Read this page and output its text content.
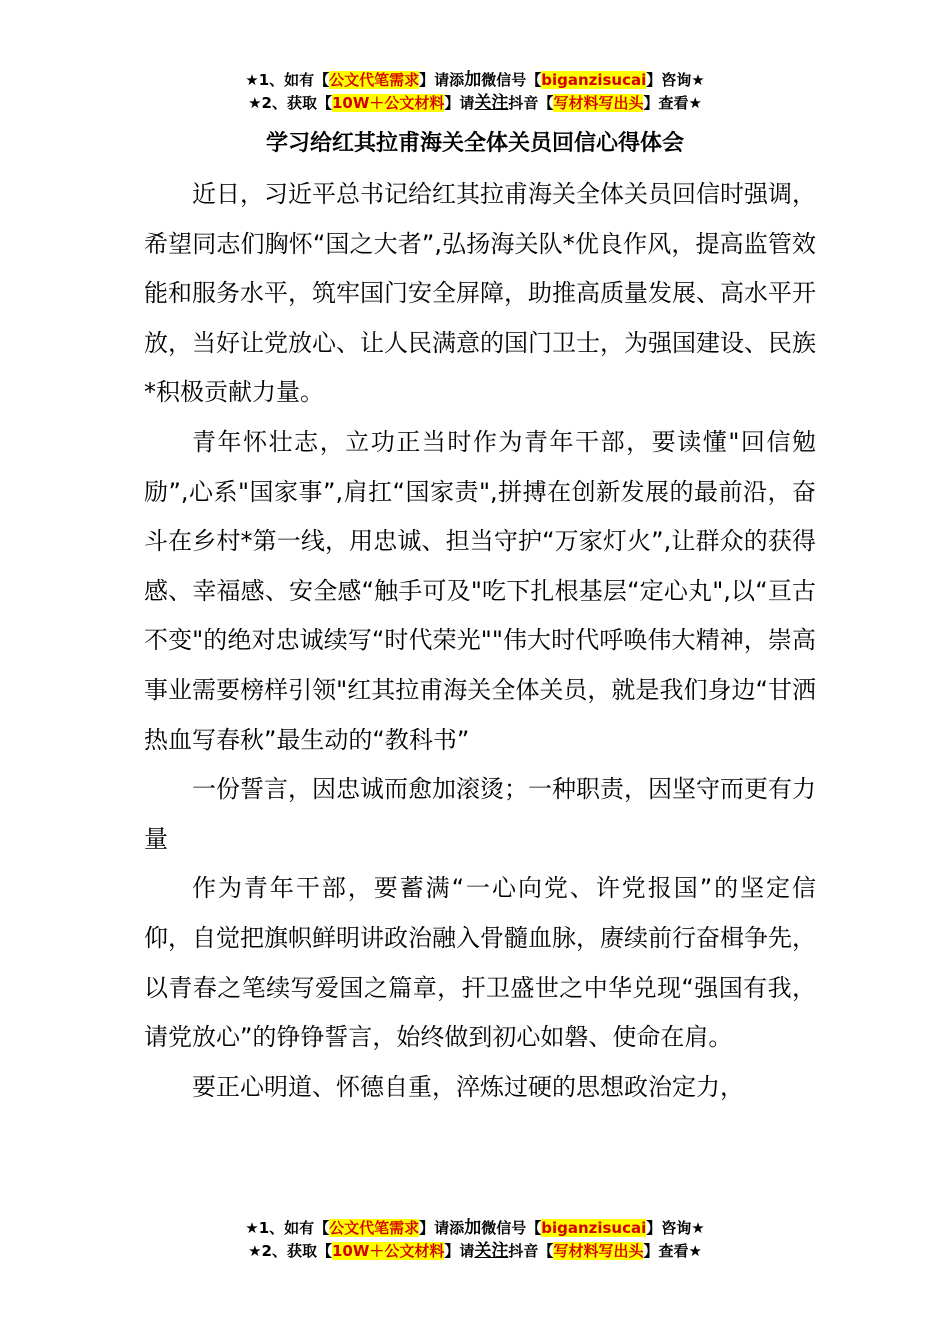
★1、如有【公文代笔需求】请添加微信号【biganzisucai】咨询★
★2、获取【10W＋公文材料】请关注抖音【写材料写出头】查看★
学习给红其拉甫海关全体关员回信心得体会

近日，习近平总书记给红其拉甫海关全体关员回信时强调，希望同志们胸怀“国之大者”,弘扬海关队*优良作风，提高监管效能和服务水平，筑牢国门安全屏障，助推高质量发展、高水平开放，当好让党放心、让人民满意的国门卫士，为强国建设、民族*积极贡献力量。

青年怀壮志，立功正当时作为青年干部，要读懂"回信勉励”,心系"国家事”,肩扛“国家责",拼搏在创新发展的最前沿，奋斗在乡村*第一线，用忠诚、担当守护“万家灯火”,让群众的获得感、幸福感、安全感“触手可及"吃下扎根基层“定心丸",以“亘古不变"的绝对忠诚续写“时代荣光""伟大时代呼唤伟大精神，崇高事业需要榜样引领"红其拉甫海关全体关员，就是我们身边“甘洒热血写春秋”最生动的“教科书”

一份誓言，因忠诚而愈加滚烫；一种职责，因坚守而更有力量

作为青年干部，要蓄满“一心向党、许党报国”的坚定信仰，自觉把旗帜鲜明讲政治融入骨髓血脉，赓续前行奋楫争先，以青春之笔续写爱国之篇章，扞卫盛世之中华兑现“强国有我，请党放心”的铮铮誓言，始终做到初心如磐、使命在肩。

要正心明道、怀德自重，淬炼过硬的思想政治定力，

★1、如有【公文代笔需求】请添加微信号【biganzisucai】咨询★
★2、获取【10W＋公文材料】请关注抖音【写材料写出头】查看★
